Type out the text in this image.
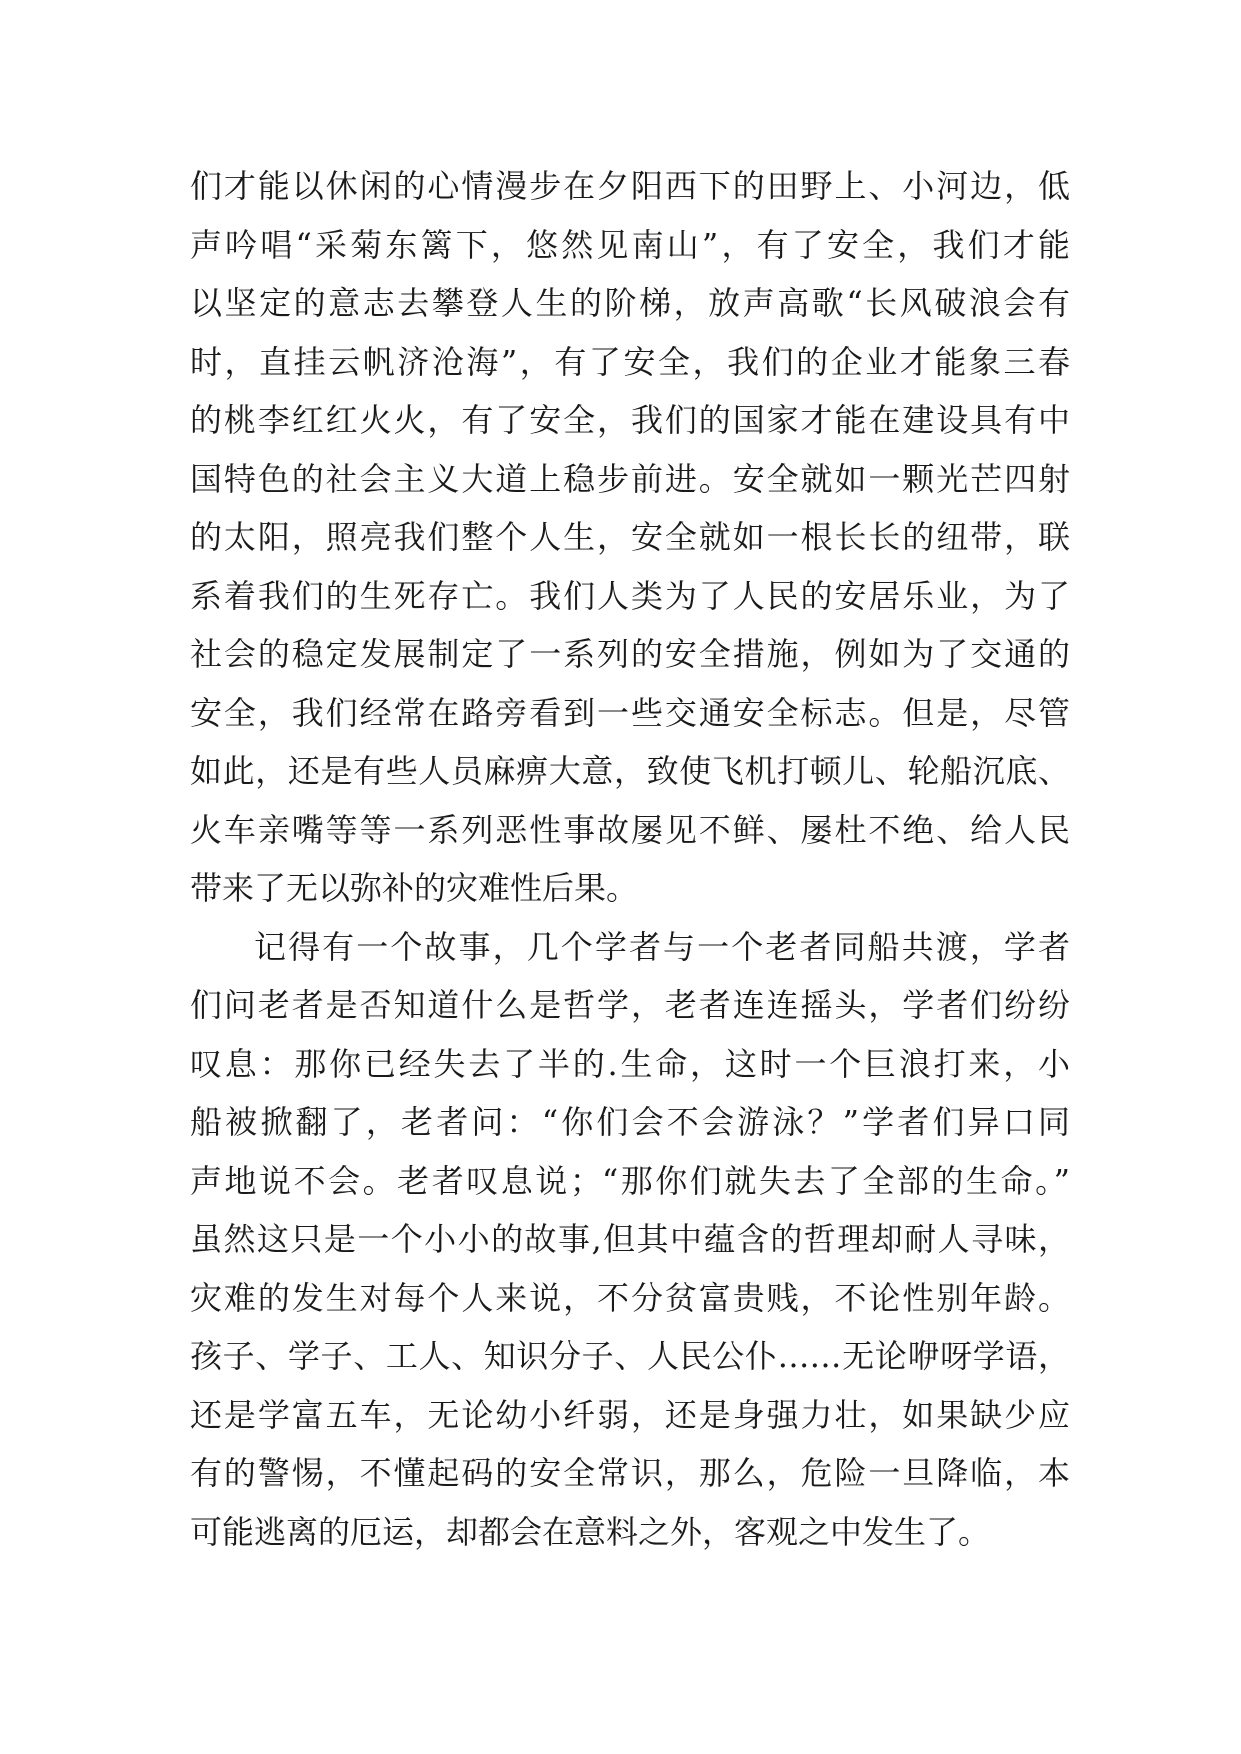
们才能以休闲的心情漫步在夕阳西下的田野上、小河边，低
声吟唱“采菊东篱下，悠然见南山”，有了安全，我们才能
以坚定的意志去攀登人生的阶梯，放声高歌“长风破浪会有
时，直挂云帆济沧海”，有了安全，我们的企业才能象三春
的桃李红红火火，有了安全，我们的国家才能在建设具有中
国特色的社会主义大道上稳步前进。安全就如一颗光芒四射
的太阳，照亮我们整个人生，安全就如一根长长的纽带，联
系着我们的生死存亡。我们人类为了人民的安居乐业，为了
社会的稳定发展制定了一系列的安全措施，例如为了交通的
安全，我们经常在路旁看到一些交通安全标志。但是，尽管
如此，还是有些人员麻痹大意，致使飞机打顿儿、轮船沉底、
火车亲嘴等等一系列恶性事故屡见不鲜、屡杜不绝、给人民
带来了无以弥补的灾难性后果。
记得有一个故事，几个学者与一个老者同船共渡，学者
们问老者是否知道什么是哲学，老者连连摇头，学者们纷纷
叹息：那你已经失去了半的.生命，这时一个巨浪打来，小
船被掀翻了，老者问：“你们会不会游泳？”学者们异口同
声地说不会。老者叹息说；“那你们就失去了全部的生命。”
虽然这只是一个小小的故事,但其中蕴含的哲理却耐人寻味，
灾难的发生对每个人来说，不分贫富贵贱，不论性别年龄。
孩子、学子、工人、知识分子、人民公仆……无论咿呀学语，
还是学富五车，无论幼小纤弱，还是身强力壮，如果缺少应
有的警惕，不懂起码的安全常识，那么，危险一旦降临，本
可能逃离的厄运，却都会在意料之外，客观之中发生了。
